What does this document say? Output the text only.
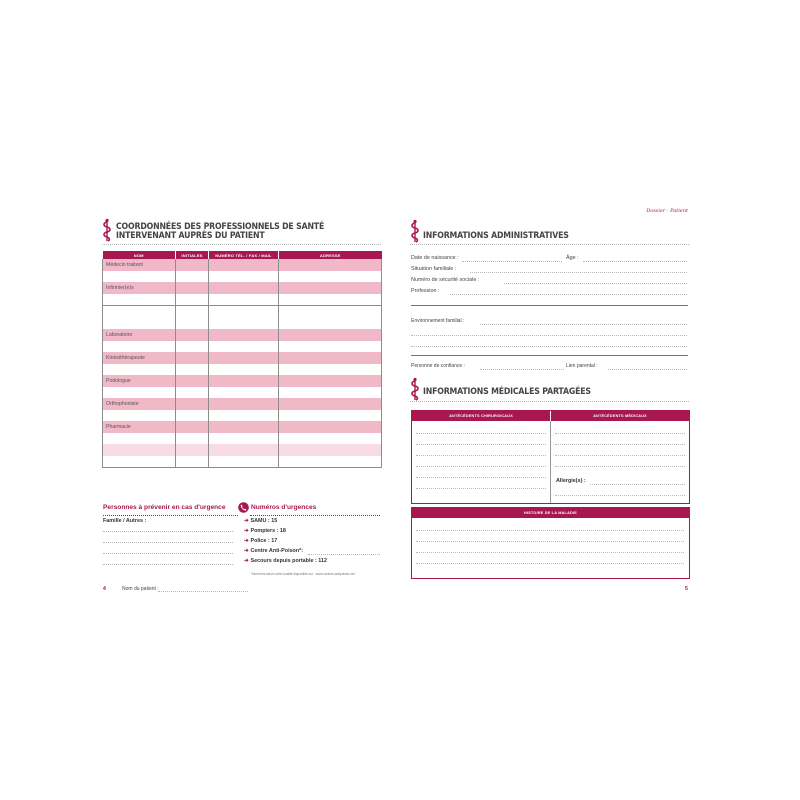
COORDONNÉES DES PROFESSIONNELS DE SANTÉ
INTERVENANT AUPRÈS DU PATIENT
NOM	INITIALES	NUMÉRO TÉL. / FAX / MAIL	ADRESSE
Médecin traitant			

Infirmier(e)s			

Laboratoire			

Kinésithérapeute			

Podologue			

Orthophoniste			

Pharmacie			

Personnes à prévenir en cas d'urgence
Famille / Autres :
Numéros d'urgences
➔ SAMU : 15
➔ Pompiers : 18
➔ Police : 17
➔ Centre Anti-Poison*:
➔ Secours depuis portable : 112
*Numéros selon votre localité disponible sur : www.centres-antipoison.net
4	Nom du patient :
Dossier · Patient
INFORMATIONS ADMINISTRATIVES
Date de naissance :	Âge :
Situation familiale :
Numéro de sécurité sociale :
Profession :
Environnement familial :
Personne de confiance :	Lien parental :
INFORMATIONS MÉDICALES PARTAGÉES
ANTÉCÉDENTS CHIRURGICAUX	ANTÉCÉDENTS MÉDICAUX
Allergie(s) :
HISTOIRE DE LA MALADIE
5
